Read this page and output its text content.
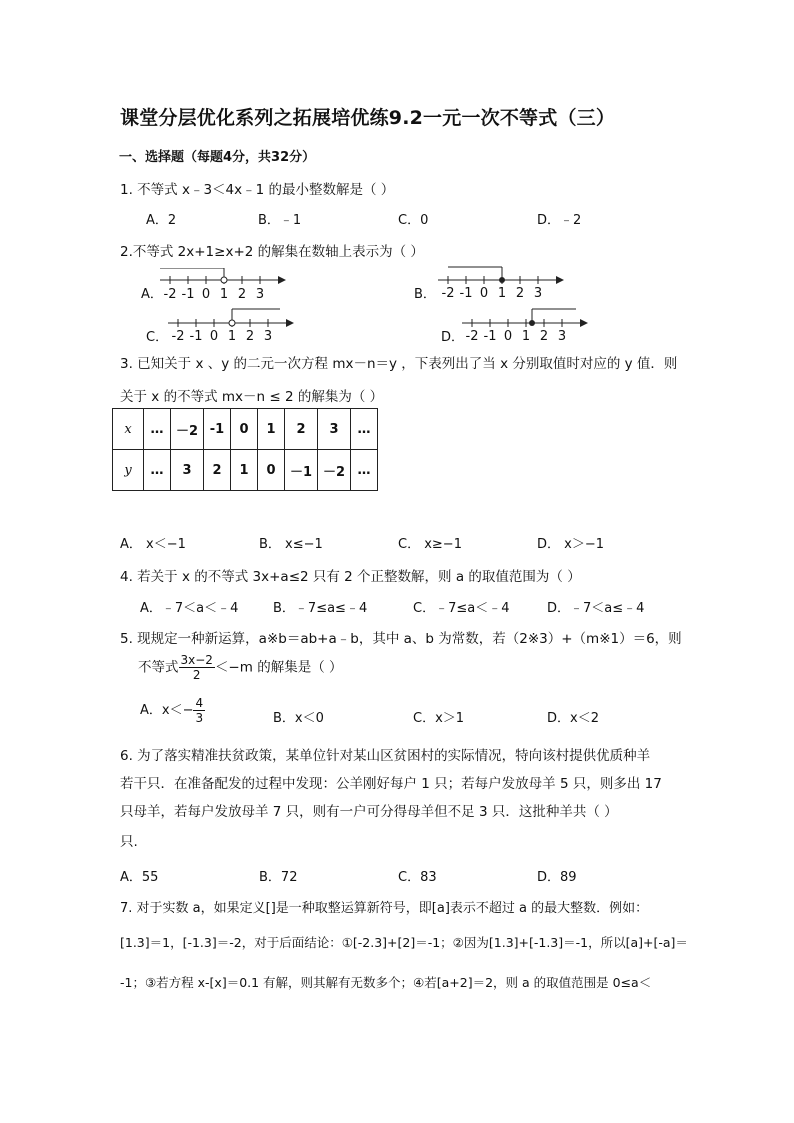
课堂分层优化系列之拓展培优练9.2一元一次不等式（三）
一、选择题（每题4分，共32分）
1. 不等式 x﹣3＜4x﹣1 的最小整数解是（ ）
A．2	B．﹣1	C．0	D．﹣2
2.不等式 2x+1≥x+2 的解集在数轴上表示为（ ）
A． -2 -1 0 1 2 3	B． -2 -1 0 1 2 3
C． -2 -1 0 1 2 3	D． -2 -1 0 1 2 3
3. 已知关于 x 、y 的二元一次方程 mx－n＝y ，下表列出了当 x 分别取值时对应的 y 值．则
关于 x 的不等式 mx－n ≤ 2 的解集为（ ）
x	…	－2	-1	0	1	2	3	…
y	…	3	2	1	0	－1	－2	…
A． x＜−1	B． x≤−1	C． x≥−1	D． x＞−1
4. 若关于 x 的不等式 3x+a≤2 只有 2 个正整数解，则 a 的取值范围为（ ）
A．﹣7＜a＜﹣4	B．﹣7≤a≤﹣4	C．﹣7≤a＜﹣4	D．﹣7＜a≤﹣4
5. 现规定一种新运算，a※b＝ab+a﹣b，其中 a、b 为常数，若（2※3）+（m※1）＝6，则
不等式 $\frac{3x-2}{2} <-m$ 的解集是（ ）
A．$x<- \frac{4}{3}$	B．x＜0	C．x＞1	D．x＜2
6. 为了落实精准扶贫政策，某单位针对某山区贫困村的实际情况，特向该村提供优质种羊
若干只．在准备配发的过程中发现：公羊刚好每户 1 只；若每户发放母羊 5 只，则多出 17
只母羊，若每户发放母羊 7 只，则有一户可分得母羊但不足 3 只．这批种羊共（ ）
只.
A．55	B．72	C．83	D．89
7. 对于实数 a，如果定义[]是一种取整运算新符号，即[a]表示不超过 a 的最大整数．例如：
[1.3]＝1，[-1.3]＝-2，对于后面结论：①[-2.3]+[2]＝-1；②因为[1.3]+[-1.3]＝-1，所以[a]+[-a]＝
-1；③若方程 x-[x]＝0.1 有解，则其解有无数多个；④若[a+2]＝2，则 a 的取值范围是 0≤a＜
